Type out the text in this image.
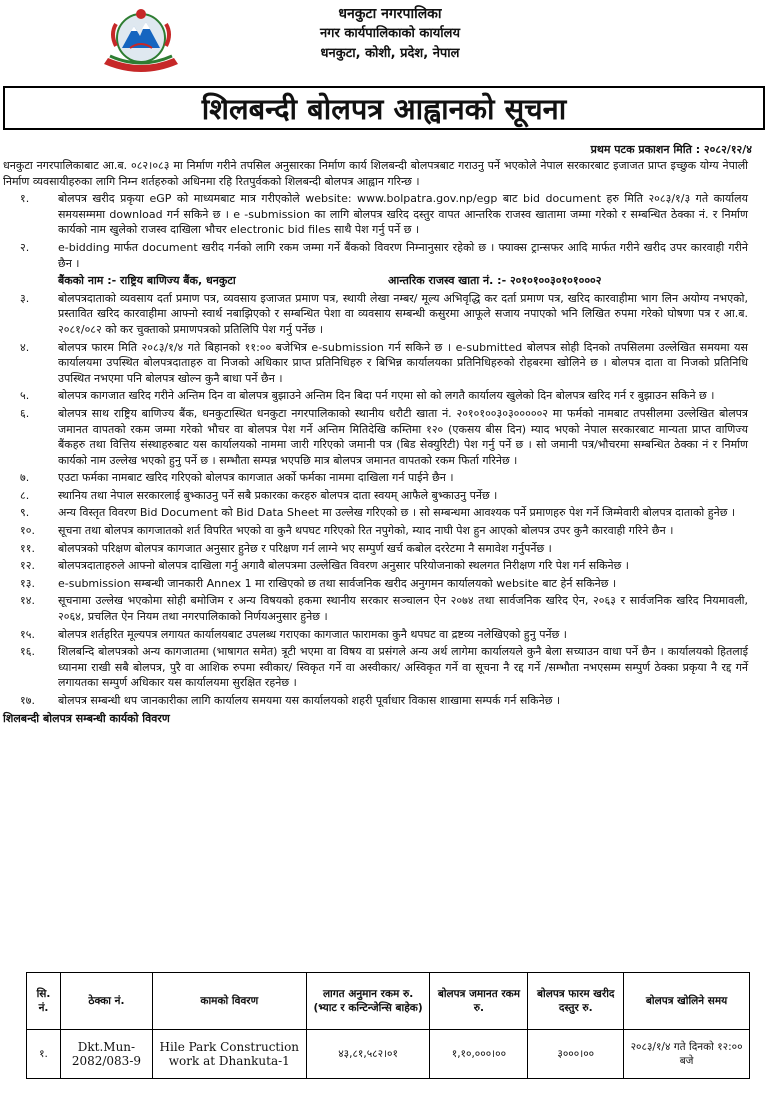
धनकुटा नगरपालिका
नगर कार्यपालिकाको कार्यालय
धनकुटा, कोशी, प्रदेश, नेपाल
शिलबन्दी बोलपत्र आह्वानको सूचना
प्रथम पटक प्रकाशन मिति : २०८२/१२/४
धनकुटा नगरपालिकाबाट आ.ब. ०८२।०८३ मा निर्माण गरीने तपसिल अनुसारका निर्माण कार्य शिलबन्दी बोलपत्रबाट गराउनु पर्ने भएकोले नेपाल सरकारबाट इजाजत प्राप्त इच्छुक योग्य नेपाली निर्माण व्यवसायीहरुका लागि निम्न शर्तहरुको अधिनमा रहि रितपुर्वकको शिलबन्दी बोलपत्र आह्वान गरिन्छ ।
१.	बोलपत्र खरीद प्रकृया eGP को माध्यमबाट मात्र गरीएकोले website: www.bolpatra.gov.np/egp बाट bid document हरु मिति २०८३/१/३ गते कार्यालय समयसम्ममा download गर्न सकिने छ । e -submission का लागि बोलपत्र खरिद दस्तुर वापत आन्तरिक राजस्व खातामा जम्मा गरेको र सम्बन्धित ठेक्का नं. र निर्माण कार्यको नाम खुलेको राजस्व दाखिला भौचर electronic bid files साथै पेश गर्नु पर्ने छ ।
२.	e-bidding मार्फत document खरीद गर्नको लागि रकम जम्मा गर्ने बैंकको विवरण निम्नानुसार रहेको छ । फ्याक्स ट्रान्सफर आदि मार्फत गरीने खरीद उपर कारवाही गरीने छैन ।
बैंकको नाम :- राष्ट्रिय बाणिज्य बैंक, धनकुटा	आन्तरिक राजस्व खाता नं. :- २०१०१००३०१०१०००२
३.	बोलपत्रदाताको व्यवसाय दर्ता प्रमाण पत्र, व्यवसाय इजाजत प्रमाण पत्र, स्थायी लेखा नम्बर/ मूल्य अभिवृद्धि कर दर्ता प्रमाण पत्र, खरिद कारवाहीमा भाग लिन अयोग्य नभएको, प्रस्तावित खरिद कारवाहीमा आफ्नो स्वार्थ नबाझिएको र सम्बन्धित पेशा वा व्यवसाय सम्बन्धी कसुरमा आफूले सजाय नपाएको भनि लिखित रुपमा गरेको घोषणा पत्र र आ.ब. २०८१/०८२ को कर चुक्ताको प्रमाणपत्रको प्रतिलिपि पेश गर्नु पर्नेछ ।
४.	बोलपत्र फारम मिति २०८३/१/४ गते बिहानको ११:०० बजेभित्र e-submission गर्न सकिने छ । e-submitted बोलपत्र सोही दिनको तपसिलमा उल्लेखित समयमा यस कार्यालयमा उपस्थित बोलपत्रदाताहरु वा निजको अधिकार प्राप्त प्रतिनिधिहरु र बिभिन्न कार्यालयका प्रतिनिधिहरुको रोहबरमा खोलिने छ । बोलपत्र दाता वा निजको प्रतिनिधि उपस्थित नभएमा पनि बोलपत्र खोल्न कुनै बाधा पर्ने छैन ।
५.	बोलपत्र कागजात खरिद गरीने अन्तिम दिन वा बोलपत्र बुझाउने अन्तिम दिन बिदा पर्न गएमा सो को लगतै कार्यालय खुलेको दिन बोलपत्र खरिद गर्न र बुझाउन सकिने छ ।
६.	बोलपत्र साथ राष्ट्रिय बाणिज्य बैंक, धनकुटास्थित धनकुटा नगरपालिकाको स्थानीय धरौटी खाता नं. २०१०१००३०३०००००२ मा फर्मको नामबाट तपसीलमा उल्लेखित बोलपत्र जमानत वापतको रकम जम्मा गरेको भौचर वा बोलपत्र पेश गर्ने अन्तिम मितिदेखि कम्तिमा १२० (एकसय बीस दिन) म्याद भएको नेपाल सरकारबाट मान्यता प्राप्त वाणिज्य बैंकहरु तथा वित्तिय संस्थाहरुबाट यस कार्यालयको नाममा जारी गरिएको जमानी पत्र (बिड सेक्युरिटी) पेश गर्नु पर्ने छ । सो जमानी पत्र/भौचरमा सम्बन्धित ठेक्का नं र निर्माण कार्यको नाम उल्लेख भएको हुनु पर्ने छ । सम्भौता सम्पन्न भएपछि मात्र बोलपत्र जमानत वापतको रकम फिर्ता गरिनेछ ।
७.	एउटा फर्मका नामबाट खरिद गरिएको बोलपत्र कागजात अर्को फर्मका नाममा दाखिला गर्न पाईने छैन ।
८.	स्थानिय तथा नेपाल सरकारलाई बुभ्काउनु पर्ने सबै प्रकारका करहरु बोलपत्र दाता स्वयम् आफैले बुभ्काउनु पर्नेछ ।
९.	अन्य विस्तृत विवरण Bid Document को Bid Data Sheet मा उल्लेख गरिएको छ । सो सम्बन्धमा आवश्यक पर्ने प्रमाणहरु पेश गर्ने जिम्मेवारी बोलपत्र दाताको हुनेछ ।
१०. सूचना तथा बोलपत्र कागजातको शर्त विपरित भएको वा कुनै थपघट गरिएको रित नपुगेको, म्याद नाघी पेश हुन आएको बोलपत्र उपर कुनै कारवाही गरिने छैन ।
११. बोलपत्रको परिक्षण बोलपत्र कागजात अनुसार हुनेछ र परिक्षण गर्न लाग्ने भए सम्पुर्ण खर्च कबोल दररेटमा नै समावेश गर्नुपर्नेछ ।
१२. बोलपत्रदाताहरुले आफ्नो बोलपत्र दाखिला गर्नु अगावै बोलपत्रमा उल्लेखित विवरण अनुसार परियोजनाको स्थलगत निरीक्षण गरि पेश गर्न सकिनेछ ।
१३. e-submission सम्बन्धी जानकारी Annex 1 मा राखिएको छ तथा सार्वजनिक खरीद अनुगमन कार्यालयको website बाट हेर्न सकिनेछ ।
१४. सूचनामा उल्लेख भएकोमा सोही बमोजिम र अन्य विषयको हकमा स्थानीय सरकार सञ्चालन ऐन २०७४ तथा सार्वजनिक खरिद ऐन, २०६३ र सार्वजनिक खरिद नियमावली, २०६४, प्रचलित ऐन नियम तथा नगरपालिकाको निर्णयअनुसार हुनेछ ।
१५. बोलपत्र शर्तहरित मूल्यपत्र लगायत कार्यालयबाट उपलब्ध गराएका कागजात फारामका कुनै थपघट वा द्रष्टव्य नलेखिएको हुनु पर्नेछ ।
१६. शिलबन्दि बोलपत्रको अन्य कागजातमा (भाषागत समेत) त्रूटी भएमा वा विषय वा प्रसंगले अन्य अर्थ लागेमा कार्यालयले कुनै बेला सच्याउन वाधा पर्ने छैन । कार्यालयको हितलाई ध्यानमा राखी सबै बोलपत्र, पुरै वा आशिक रुपमा स्वीकार/ स्विकृत गर्ने वा अस्वीकार/ अस्विकृत गर्ने वा सूचना नै रद्द गर्ने /सम्भौता नभएसम्म सम्पुर्ण ठेक्का प्रकृया नै रद्द गर्ने लगायतका सम्पुर्ण अधिकार यस कार्यालयमा सुरक्षित रहनेछ ।
१७. बोलपत्र सम्बन्धी थप जानकारीका लागि कार्यालय समयमा यस कार्यालयको शहरी पूर्वाधार विकास शाखामा सम्पर्क गर्न सकिनेछ ।
शिलबन्दी बोलपत्र सम्बन्धी कार्यको विवरण
सि. नं.	ठेक्का नं.	कामको विवरण	लागत अनुमान रकम रु. (भ्याट र कन्टिन्जेन्सि बाहेक)	बोलपत्र जमानत रकम रु.	बोलपत्र फारम खरीद दस्तुर रु.	बोलपत्र खोलिने समय
१.	Dkt.Mun-2082/083-9	Hile Park Construction work at Dhankuta-1	४३,८१,५८२।०१	१,१०,०००।००	३०००।००	२०८३/१/४ गते दिनको १२:०० बजे
